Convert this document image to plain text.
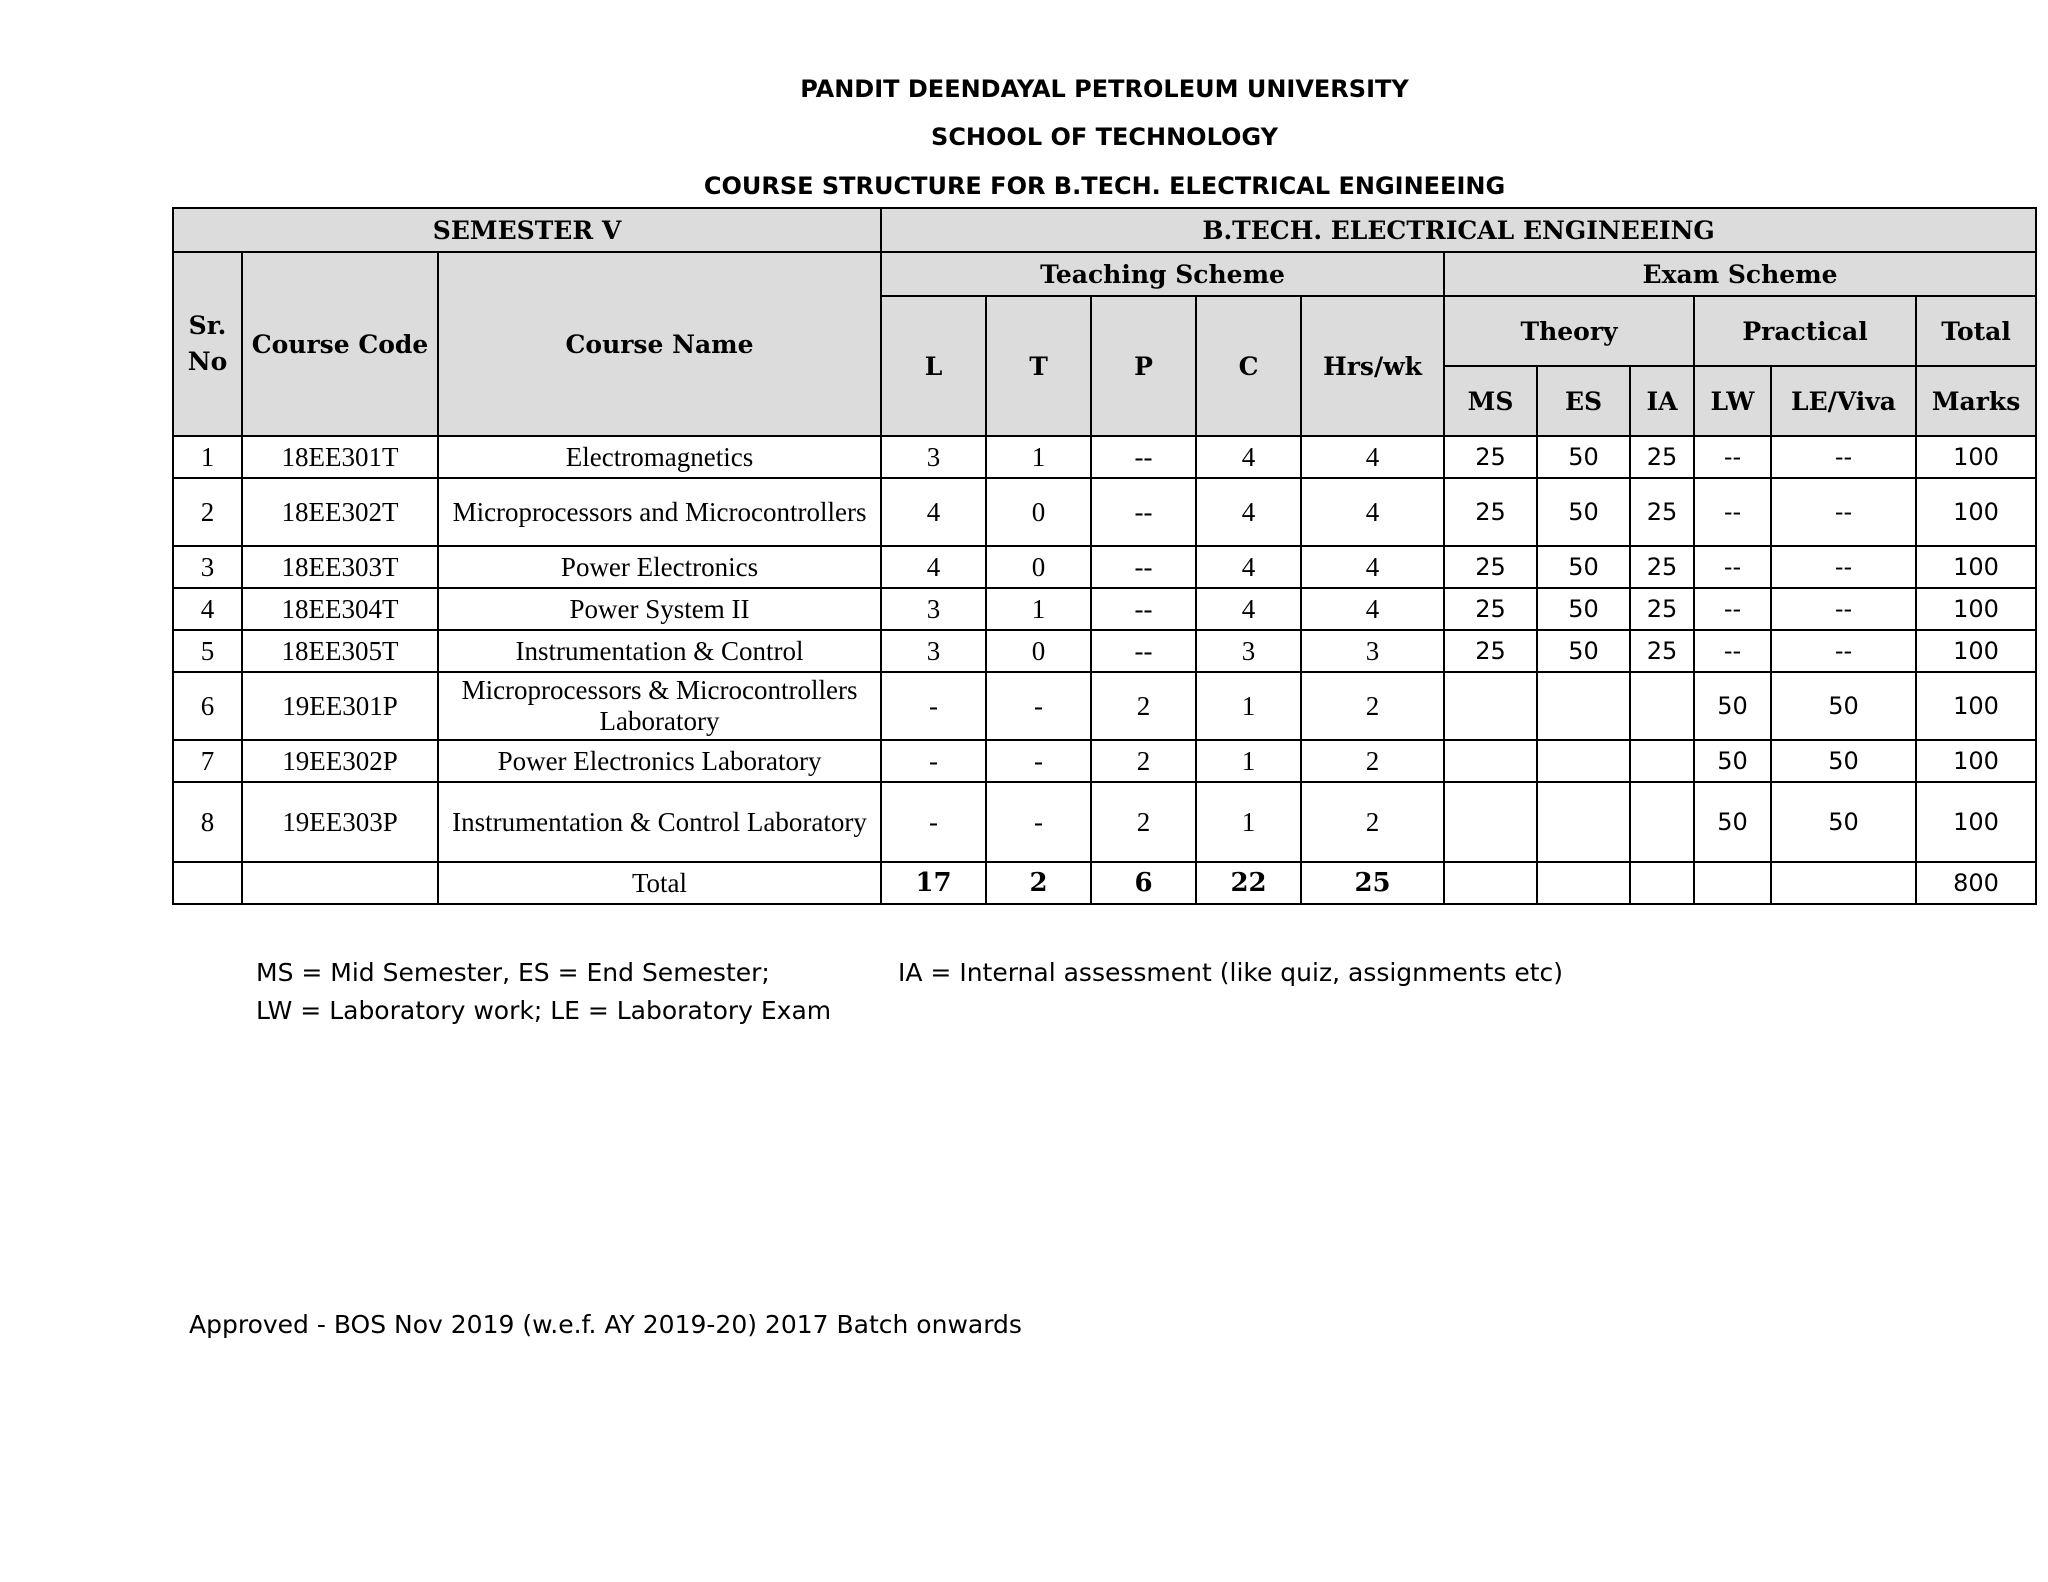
PANDIT DEENDAYAL PETROLEUM UNIVERSITY
SCHOOL OF TECHNOLOGY
COURSE STRUCTURE FOR B.TECH. ELECTRICAL ENGINEEING
SEMESTER V			B.TECH. ELECTRICAL ENGINEEING										
Sr. No	Course Code	Course Name	Teaching Scheme					Exam Scheme					
			L	T	P	C	Hrs/wk	Theory			Practical		Total
								MS	ES	IA	LW	LE/Viva	Marks

1	18EE301T	Electromagnetics	3	1	--	4	4	25	50	25	--	--	100
2	18EE302T	Microprocessors and Microcontrollers	4	0	--	4	4	25	50	25	--	--	100
3	18EE303T	Power Electronics	4	0	--	4	4	25	50	25	--	--	100
4	18EE304T	Power System II	3	1	--	4	4	25	50	25	--	--	100
5	18EE305T	Instrumentation & Control	3	0	--	3	3	25	50	25	--	--	100
6	19EE301P	Microprocessors & Microcontrollers Laboratory	-	-	2	1	2				50	50	100
7	19EE302P	Power Electronics Laboratory	-	-	2	1	2				50	50	100
8	19EE303P	Instrumentation & Control Laboratory	-	-	2	1	2				50	50	100
		Total	17	2	6	22	25						800
MS = Mid Semester, ES = End Semester;	IA = Internal assessment (like quiz, assignments etc)
LW = Laboratory work; LE = Laboratory Exam
Approved - BOS Nov 2019 (w.e.f. AY 2019-20) 2017 Batch onwards
